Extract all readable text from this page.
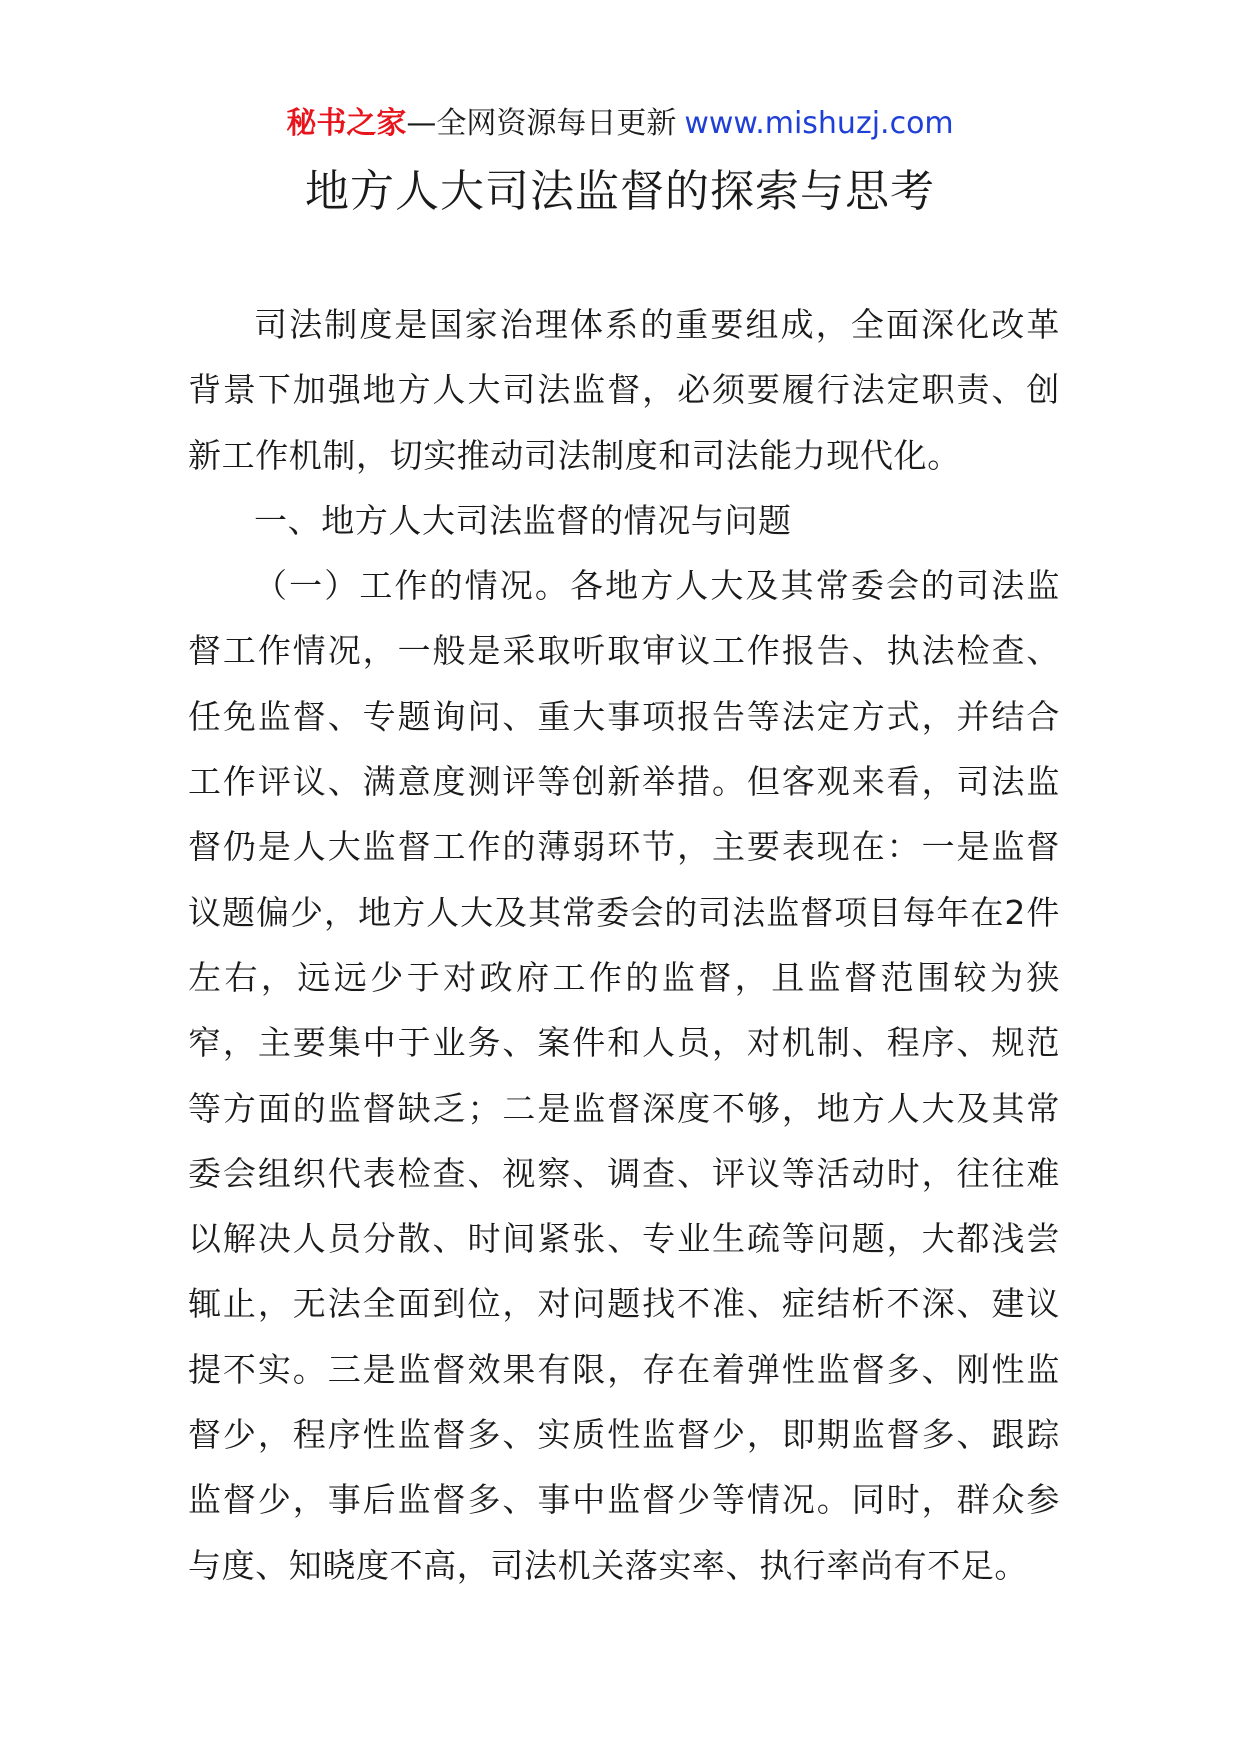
秘书之家—全网资源每日更新 www.mishuzj.com
地方人大司法监督的探索与思考

司法制度是国家治理体系的重要组成，全面深化改革背景下加强地方人大司法监督，必须要履行法定职责、创新工作机制，切实推动司法制度和司法能力现代化。

一、地方人大司法监督的情况与问题

（一）工作的情况。各地方人大及其常委会的司法监督工作情况，一般是采取听取审议工作报告、执法检查、任免监督、专题询问、重大事项报告等法定方式，并结合工作评议、满意度测评等创新举措。但客观来看，司法监督仍是人大监督工作的薄弱环节，主要表现在：一是监督议题偏少，地方人大及其常委会的司法监督项目每年在2件左右，远远少于对政府工作的监督，且监督范围较为狭窄，主要集中于业务、案件和人员，对机制、程序、规范等方面的监督缺乏；二是监督深度不够，地方人大及其常委会组织代表检查、视察、调查、评议等活动时，往往难以解决人员分散、时间紧张、专业生疏等问题，大都浅尝辄止，无法全面到位，对问题找不准、症结析不深、建议提不实。三是监督效果有限，存在着弹性监督多、刚性监督少，程序性监督多、实质性监督少，即期监督多、跟踪监督少，事后监督多、事中监督少等情况。同时，群众参与度、知晓度不高，司法机关落实率、执行率尚有不足。
